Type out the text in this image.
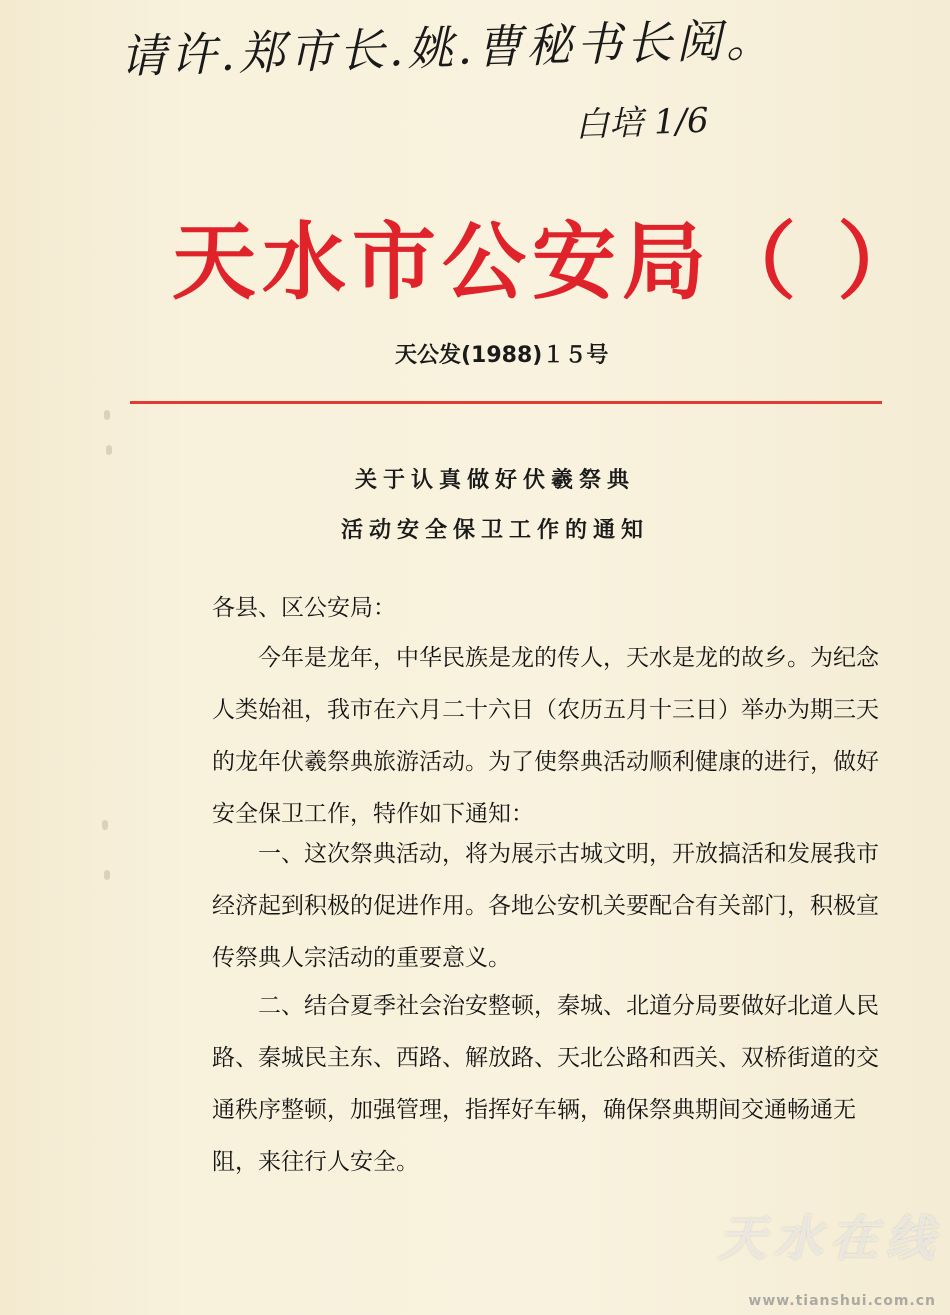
请许.郑市长.姚.曹秘书长阅。
白培 1/6
天水市公安局（ ）
天公发(1988)１５号
关于认真做好伏羲祭典
活动安全保卫工作的通知
各县、区公安局：

今年是龙年，中华民族是龙的传人，天水是龙的故乡。为纪念人类始祖，我市在六月二十六日（农历五月十三日）举办为期三天的龙年伏羲祭典旅游活动。为了使祭典活动顺利健康的进行，做好安全保卫工作，特作如下通知：

一、这次祭典活动，将为展示古城文明，开放搞活和发展我市经济起到积极的促进作用。各地公安机关要配合有关部门，积极宣传祭典人宗活动的重要意义。

二、结合夏季社会治安整顿，秦城、北道分局要做好北道人民路、秦城民主东、西路、解放路、天北公路和西关、双桥街道的交通秩序整顿，加强管理，指挥好车辆，确保祭典期间交通畅通无阻，来往行人安全。

天水在线
www.tianshui.com.cn
